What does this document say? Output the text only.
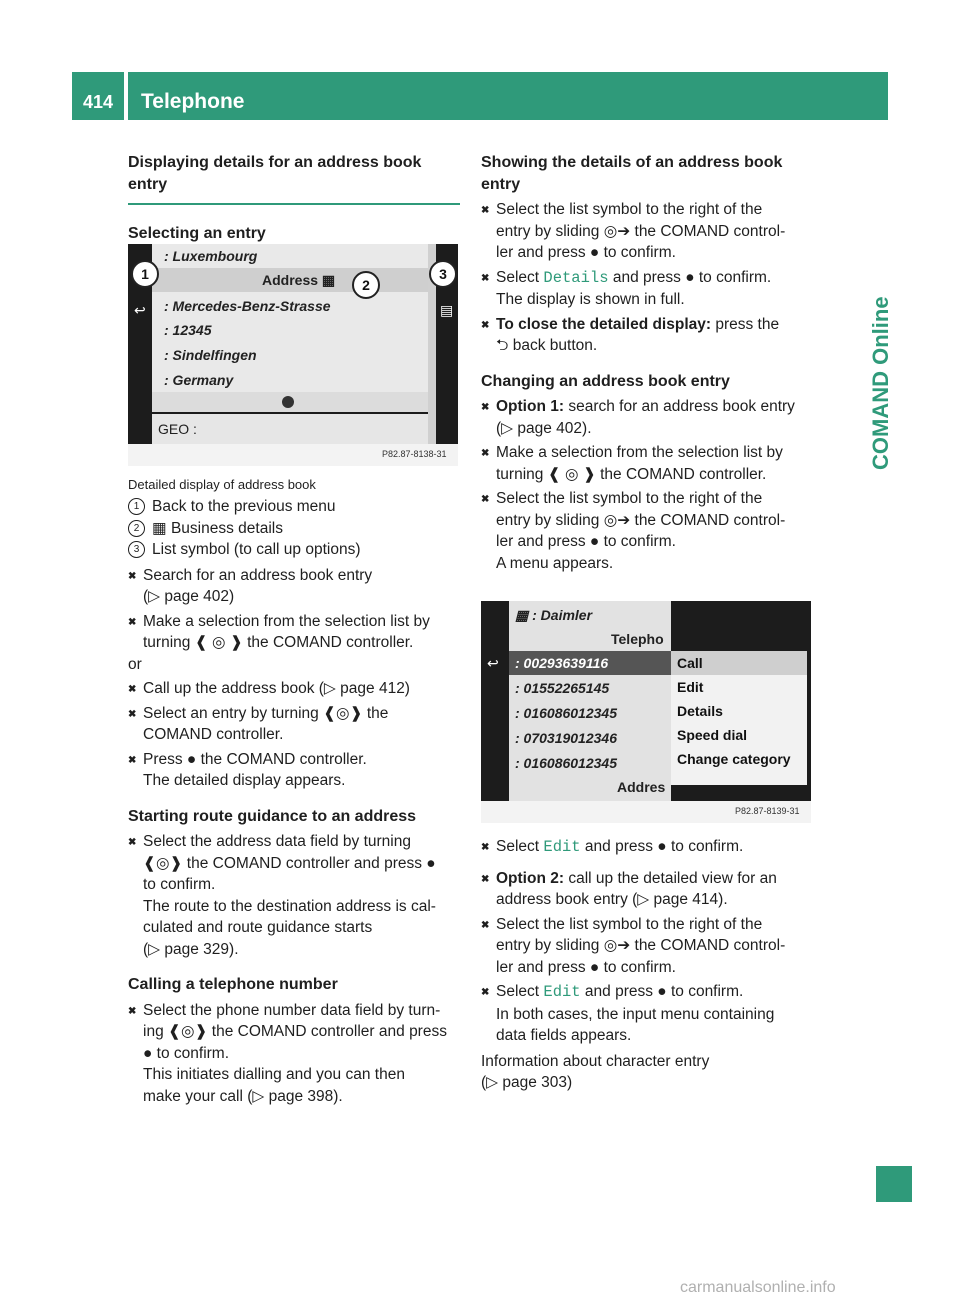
414	Telephone
COMAND Online
Displaying details for an address book
entry
Selecting an entry
: Luxembourg
Address ▦
: Mercedes-Benz-Strasse
: 12345
: Sindelfingen
: Germany
GEO :
P82.87-8138-31
1
2
3
↩	▤
Detailed display of address book
1 Back to the previous menu
2 ▦ Business details
3 List symbol (to call up options)
✖ Search for an address book entry
(▷ page 402)
✖ Make a selection from the selection list by
turning ❰ ◎ ❱ the COMAND controller.
or
✖ Call up the address book (▷ page 412)
✖ Select an entry by turning ❰◎❱ the
COMAND controller.
✖ Press ● the COMAND controller.
The detailed display appears.
Starting route guidance to an address
✖ Select the address data field by turning
❰◎❱ the COMAND controller and press ●
to confirm.
The route to the destination address is cal-
culated and route guidance starts
(▷ page 329).
Calling a telephone number
✖ Select the phone number data field by turn-
ing ❰◎❱ the COMAND controller and press
● to confirm.
This initiates dialling and you can then
make your call (▷ page 398).
Showing the details of an address book
entry
✖ Select the list symbol to the right of the
entry by sliding ◎➔ the COMAND control-
ler and press ● to confirm.
✖ Select Details and press ● to confirm.
The display is shown in full.
✖ To close the detailed display: press the
⮌ back button.
Changing an address book entry
✖ Option 1: search for an address book entry
(▷ page 402).
✖ Make a selection from the selection list by
turning ❰ ◎ ❱ the COMAND controller.
✖ Select the list symbol to the right of the
entry by sliding ◎➔ the COMAND control-
ler and press ● to confirm.
A menu appears.
▦ : Daimler
Telepho
: 00293639116
: 01552265145
: 016086012345
: 070319012346
: 016086012345
Addres
Call
Edit
Details
Speed dial
Change category
↩
P82.87-8139-31
✖ Select Edit and press ● to confirm.
✖ Option 2: call up the detailed view for an
address book entry (▷ page 414).
✖ Select the list symbol to the right of the
entry by sliding ◎➔ the COMAND control-
ler and press ● to confirm.
✖ Select Edit and press ● to confirm.
In both cases, the input menu containing
data fields appears.
Information about character entry
(▷ page 303)
carmanualsonline.info
